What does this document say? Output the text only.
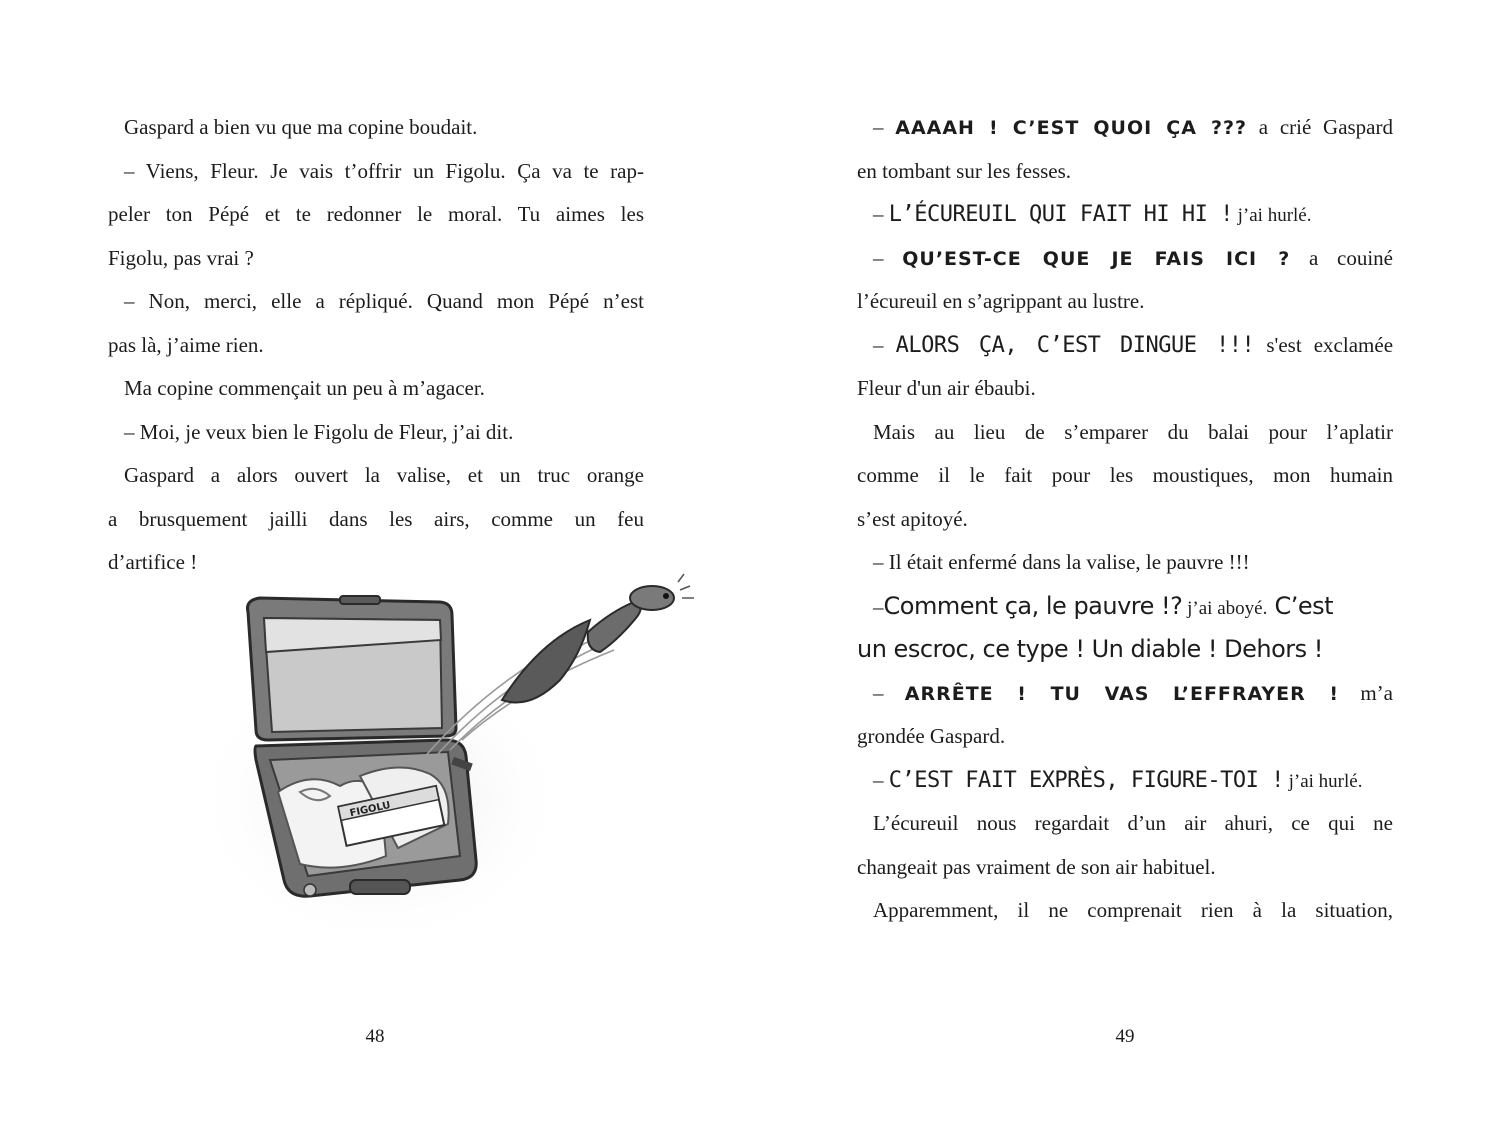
Gaspard a bien vu que ma copine boudait.
– Viens, Fleur. Je vais t’offrir un Figolu. Ça va te rap-
peler ton Pépé et te redonner le moral. Tu aimes les
Figolu, pas vrai ?
– Non, merci, elle a répliqué. Quand mon Pépé n’est
pas là, j’aime rien.
Ma copine commençait un peu à m’agacer.
– Moi, je veux bien le Figolu de Fleur, j’ai dit.
Gaspard a alors ouvert la valise, et un truc orange
a brusquement jailli dans les airs, comme un feu
d’artifice !
FIGOLU
48
– AAAAH ! C’EST QUOI ÇA ??? a crié Gaspard
en tombant sur les fesses.
– L’ÉCUREUIL QUI FAIT HI HI ! j’ai hurlé.
– QU’EST-CE QUE JE FAIS ICI ? a couiné
l’écureuil en s’agrippant au lustre.
– ALORS ÇA, C’EST DINGUE !!! s'est exclamée
Fleur d'un air ébaubi.
Mais au lieu de s’emparer du balai pour l’aplatir
comme il le fait pour les moustiques, mon humain
s’est apitoyé.
– Il était enfermé dans la valise, le pauvre !!!
–Comment ça, le pauvre !? j’ai aboyé. C’est
un escroc, ce type ! Un diable ! Dehors !
– ARRÊTE ! TU VAS L’EFFRAYER ! m’a
grondée Gaspard.
– C’EST FAIT EXPRÈS, FIGURE-TOI ! j’ai hurlé.
L’écureuil nous regardait d’un air ahuri, ce qui ne
changeait pas vraiment de son air habituel.
Apparemment, il ne comprenait rien à la situation,
49
